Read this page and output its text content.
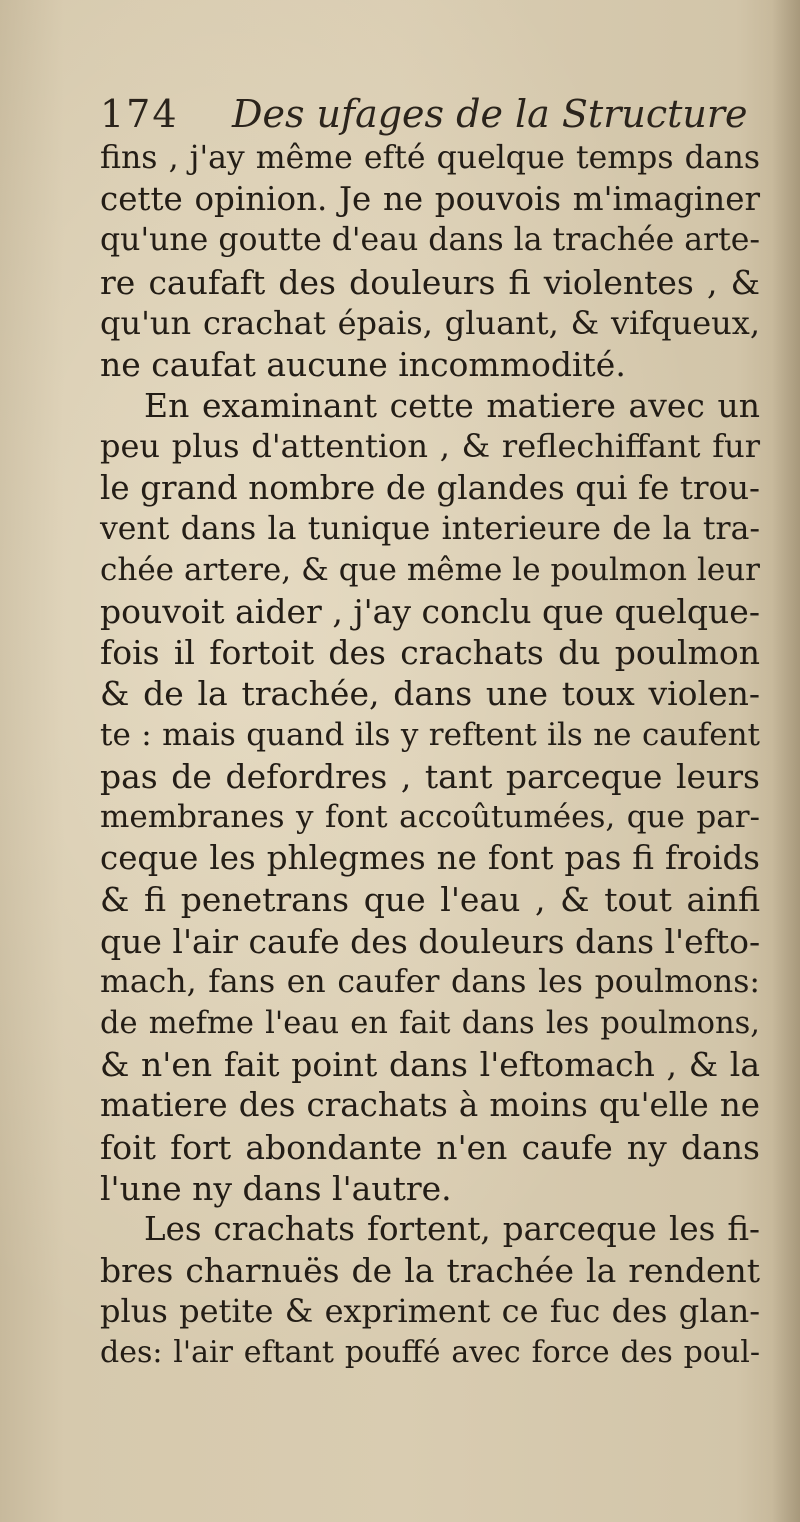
174 Des ufages de la Structure
fins , j'ay même efté quelque temps dans
cette opinion. Je ne pouvois m'imaginer
qu'une goutte d'eau dans la trachée arte-
re caufaft des douleurs fi violentes , &
qu'un crachat épais, gluant, & vifqueux,
ne caufat aucune incommodité.
En examinant cette matiere avec un
peu plus d'attention , & reflechiffant fur
le grand nombre de glandes qui fe trou-
vent dans la tunique interieure de la tra-
chée artere, & que même le poulmon leur
pouvoit aider , j'ay conclu que quelque-
fois il fortoit des crachats du poulmon
& de la trachée, dans une toux violen-
te : mais quand ils y reftent ils ne caufent
pas de defordres , tant parceque leurs
membranes y font accoûtumées, que par-
ceque les phlegmes ne font pas fi froids
& fi penetrans que l'eau , & tout ainfi
que l'air caufe des douleurs dans l'efto-
mach, fans en caufer dans les poulmons:
de mefme l'eau en fait dans les poulmons,
& n'en fait point dans l'eftomach , & la
matiere des crachats à moins qu'elle ne
foit fort abondante n'en caufe ny dans
l'une ny dans l'autre.
Les crachats fortent, parceque les fi-
bres charnuës de la trachée la rendent
plus petite & expriment ce fuc des glan-
des: l'air eftant pouffé avec force des poul-
